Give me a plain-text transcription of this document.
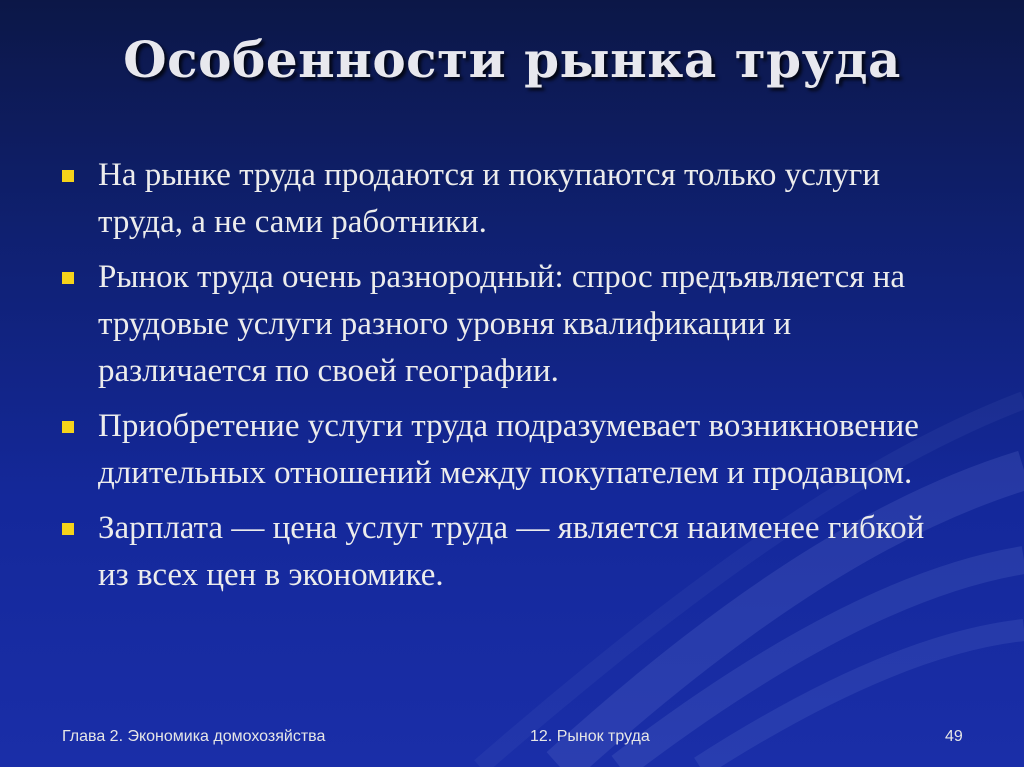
Особенности рынка труда
На рынке труда продаются и покупаются только услуги труда, а не сами работники.
Рынок труда очень разнородный: спрос предъявляется на трудовые услуги разного уровня квалификации и различается по своей географии.
Приобретение услуги труда подразумевает возникновение длительных отношений между покупателем и продавцом.
Зарплата — цена услуг труда — является наименее гибкой из всех цен в экономике.
Глава 2. Экономика домохозяйства	12. Рынок труда	49
